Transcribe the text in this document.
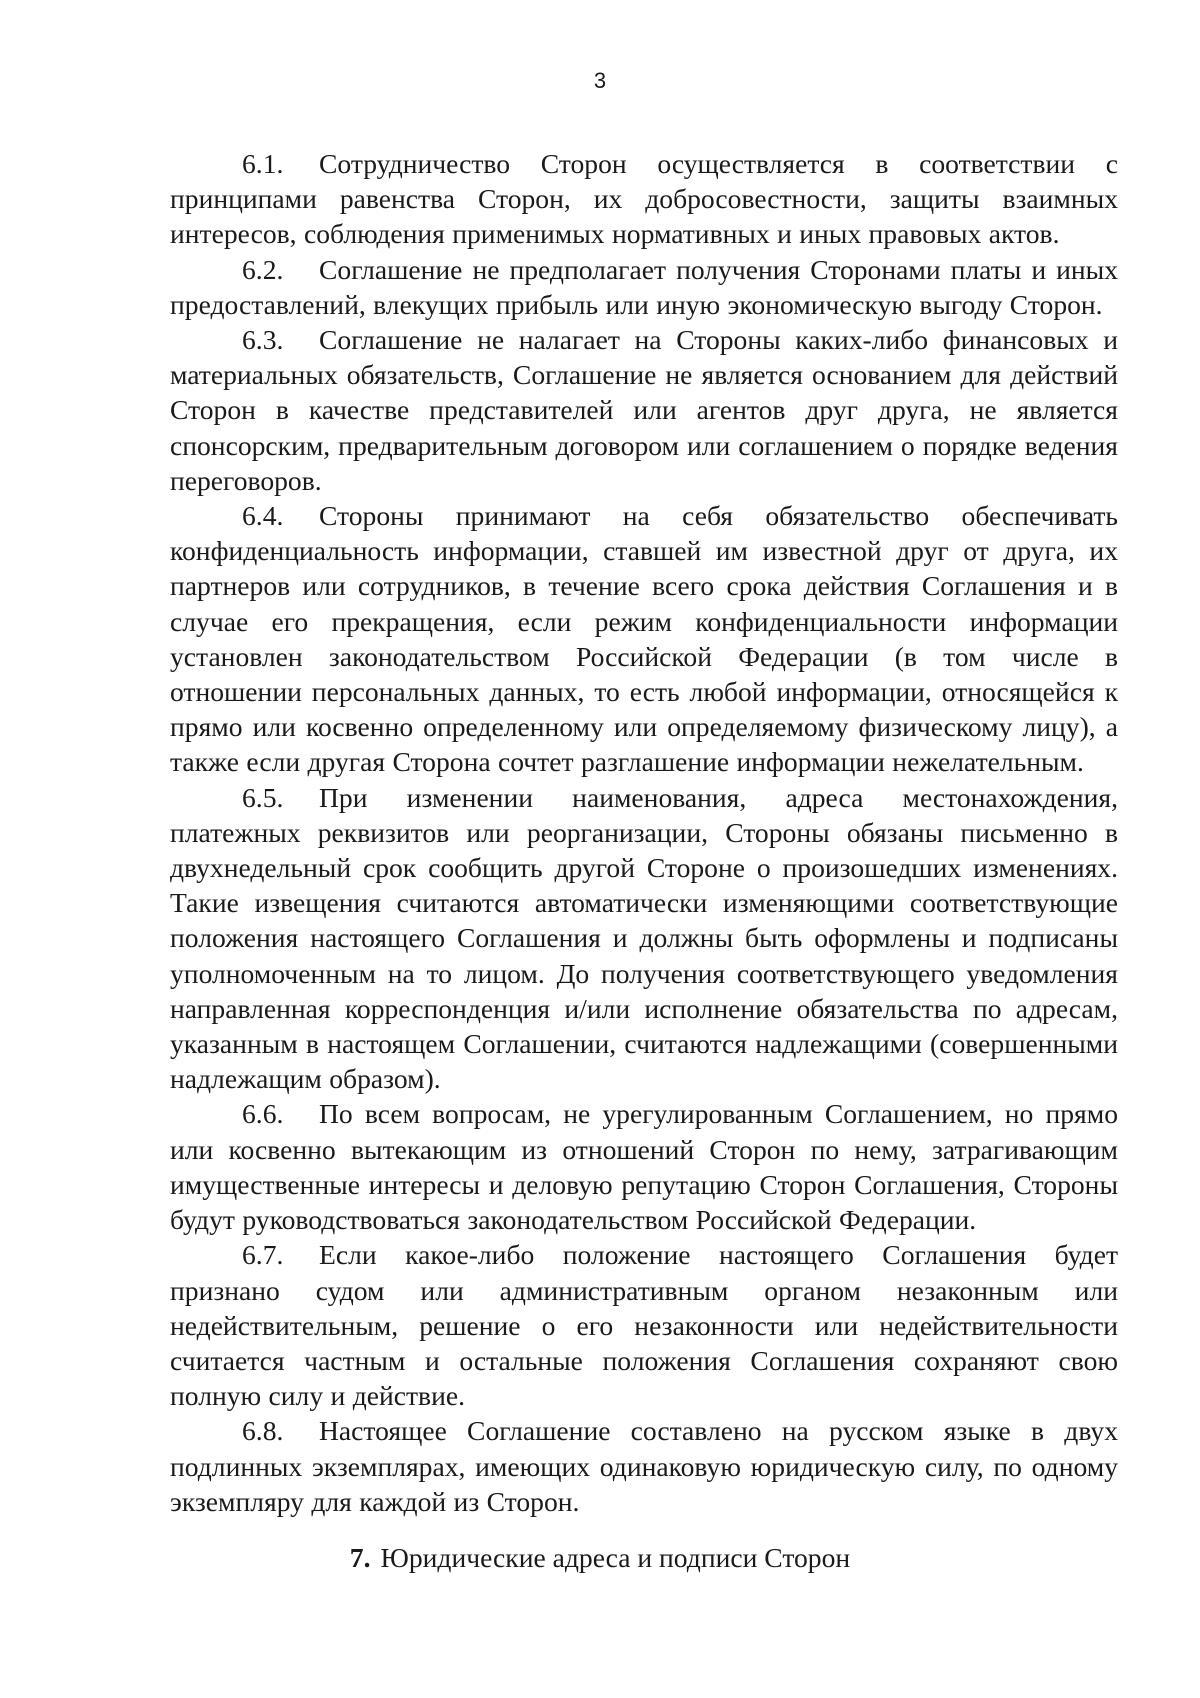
3

6.1. Сотрудничество Сторон осуществляется в соответствии с принципами равенства Сторон, их добросовестности, защиты взаимных интересов, соблюдения применимых нормативных и иных правовых актов.

6.2. Соглашение не предполагает получения Сторонами платы и иных предоставлений, влекущих прибыль или иную экономическую выгоду Сторон.

6.3. Соглашение не налагает на Стороны каких-либо финансовых и материальных обязательств, Соглашение не является основанием для действий Сторон в качестве представителей или агентов друг друга, не является спонсорским, предварительным договором или соглашением о порядке ведения переговоров.

6.4. Стороны принимают на себя обязательство обеспечивать конфиденциальность информации, ставшей им известной друг от друга, их партнеров или сотрудников, в течение всего срока действия Соглашения и в случае его прекращения, если режим конфиденциальности информации установлен законодательством Российской Федерации (в том числе в отношении персональных данных, то есть любой информации, относящейся к прямо или косвенно определенному или определяемому физическому лицу), а также если другая Сторона сочтет разглашение информации нежелательным.

6.5. При изменении наименования, адреса местонахождения, платежных реквизитов или реорганизации, Стороны обязаны письменно в двухнедельный срок сообщить другой Стороне о произошедших изменениях. Такие извещения считаются автоматически изменяющими соответствующие положения настоящего Соглашения и должны быть оформлены и подписаны уполномоченным на то лицом. До получения соответствующего уведомления направленная корреспонденция и/или исполнение обязательства по адресам, указанным в настоящем Соглашении, считаются надлежащими (совершенными надлежащим образом).

6.6. По всем вопросам, не урегулированным Соглашением, но прямо или косвенно вытекающим из отношений Сторон по нему, затрагивающим имущественные интересы и деловую репутацию Сторон Соглашения, Стороны будут руководствоваться законодательством Российской Федерации.

6.7. Если какое-либо положение настоящего Соглашения будет признано судом или административным органом незаконным или недействительным, решение о его незаконности или недействительности считается частным и остальные положения Соглашения сохраняют свою полную силу и действие.

6.8. Настоящее Соглашение составлено на русском языке в двух подлинных экземплярах, имеющих одинаковую юридическую силу, по одному экземпляру для каждой из Сторон.

7. Юридические адреса и подписи Сторон
